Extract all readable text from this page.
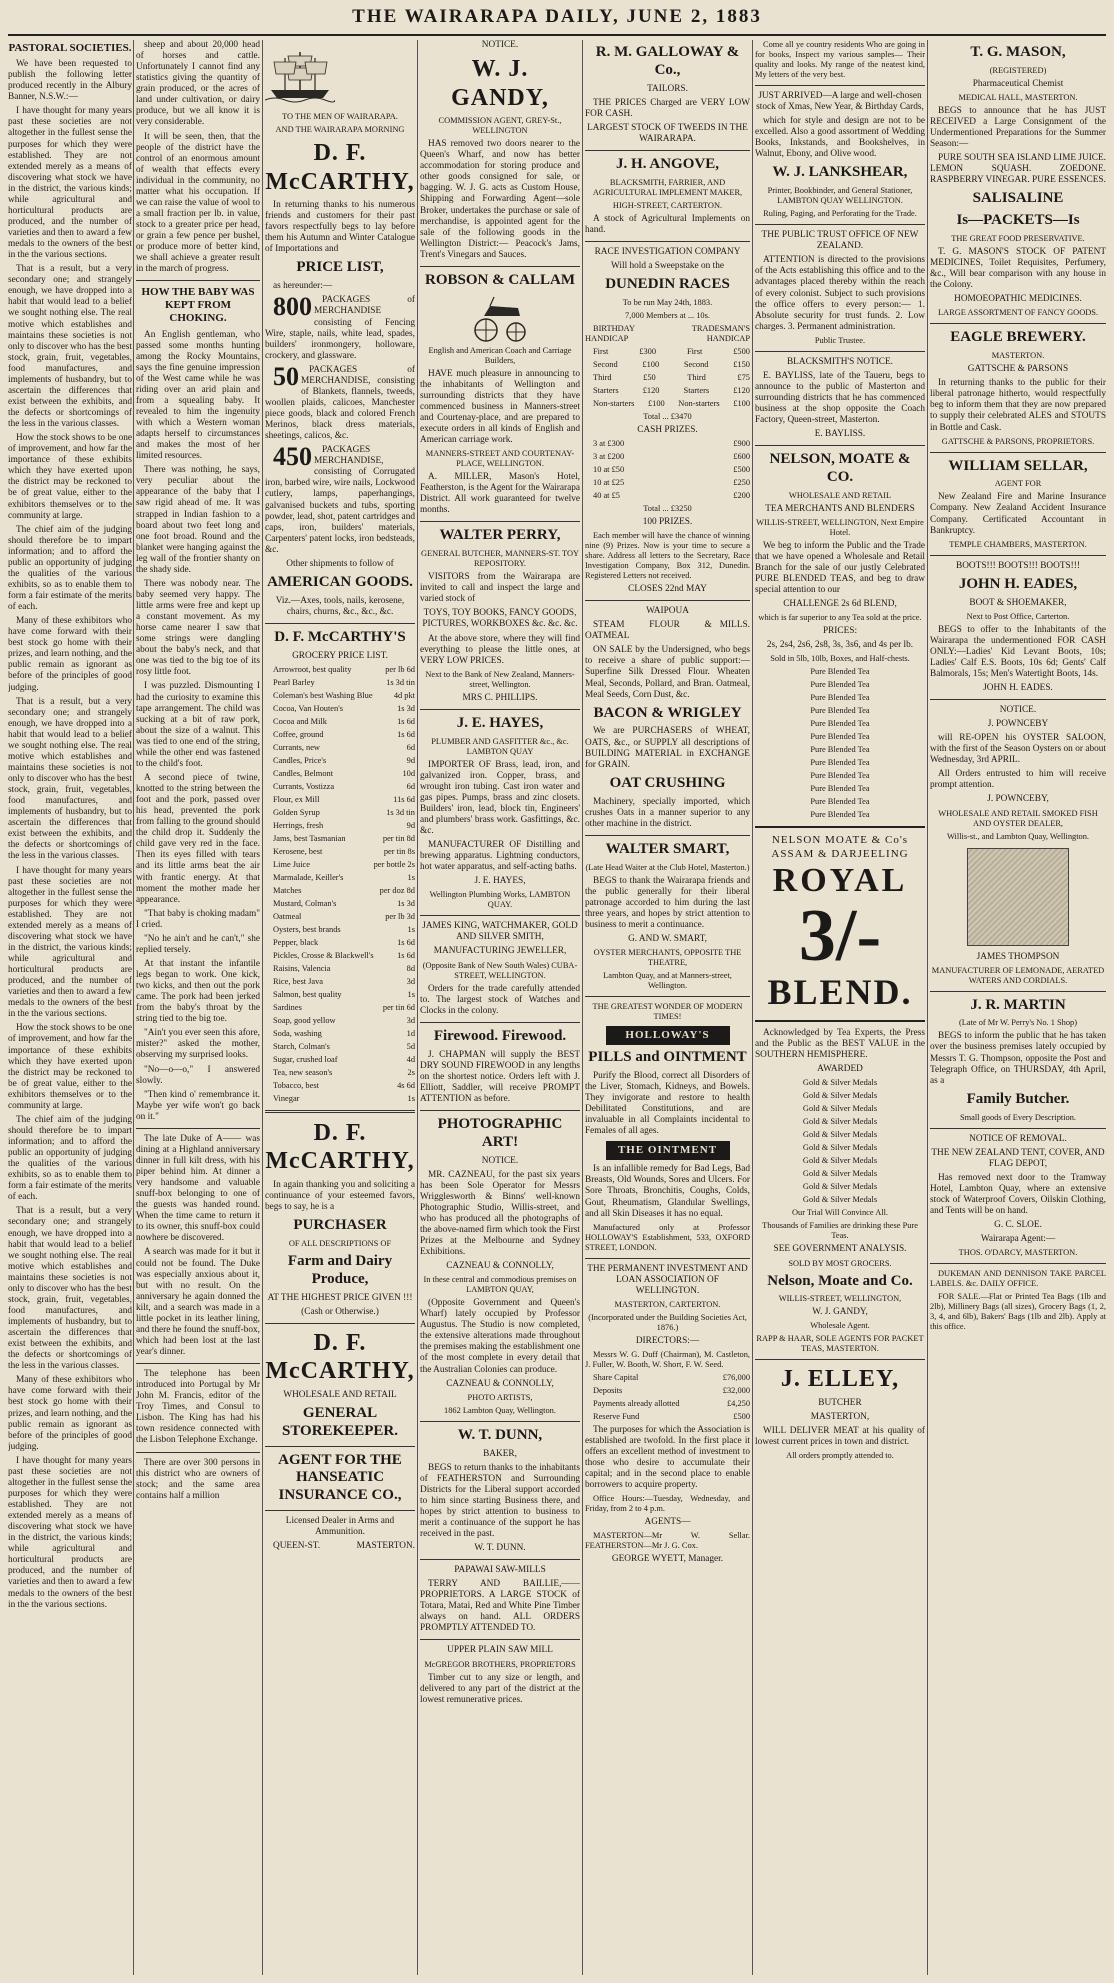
THE WAIRARAPA DAILY, JUNE 2, 1883

PASTORAL SOCIETIES.

We have been requested to publish the following letter produced recently in the Albury Banner, N.S.W.:—

I have thought for many years past these societies are not altogether in the fullest sense the purposes for which they were established. They are not extended merely as a means of discovering what stock we have in the district, the various kinds; while agricultural and horticultural products are produced, and the number of varieties and then to award a few medals to the owners of the best in the the various sections.

That is a result, but a very secondary one; and strangely enough, we have dropped into a habit that would lead to a belief we sought nothing else. The real motive which establishes and maintains these societies is not only to discover who has the best stock, grain, fruit, vegetables, food manufactures, and implements of husbandry, but to ascertain the differences that exist between the exhibits, and the defects or shortcomings of the less in the various classes.

How the stock shows to be one of improvement, and how far the importance of these exhibits which they have exerted upon the district may be reckoned to be of great value, either to the exhibitors themselves or to the community at large.

The chief aim of the judging should therefore be to impart information; and to afford the public an opportunity of judging the qualities of the various exhibits, so as to enable them to form a fair estimate of the merits of each.

Many of these exhibitors who have come forward with their best stock go home with their prizes, and learn nothing, and the public remain as ignorant as before of the principles of good judging.

That is a result, but a very secondary one; and strangely enough, we have dropped into a habit that would lead to a belief we sought nothing else. The real motive which establishes and maintains these societies is not only to discover who has the best stock, grain, fruit, vegetables, food manufactures, and implements of husbandry, but to ascertain the differences that exist between the exhibits, and the defects or shortcomings of the less in the various classes.

I have thought for many years past these societies are not altogether in the fullest sense the purposes for which they were established. They are not extended merely as a means of discovering what stock we have in the district, the various kinds; while agricultural and horticultural products are produced, and the number of varieties and then to award a few medals to the owners of the best in the the various sections.

How the stock shows to be one of improvement, and how far the importance of these exhibits which they have exerted upon the district may be reckoned to be of great value, either to the exhibitors themselves or to the community at large.

The chief aim of the judging should therefore be to impart information; and to afford the public an opportunity of judging the qualities of the various exhibits, so as to enable them to form a fair estimate of the merits of each.

That is a result, but a very secondary one; and strangely enough, we have dropped into a habit that would lead to a belief we sought nothing else. The real motive which establishes and maintains these societies is not only to discover who has the best stock, grain, fruit, vegetables, food manufactures, and implements of husbandry, but to ascertain the differences that exist between the exhibits, and the defects or shortcomings of the less in the various classes.

Many of these exhibitors who have come forward with their best stock go home with their prizes, and learn nothing, and the public remain as ignorant as before of the principles of good judging.

I have thought for many years past these societies are not altogether in the fullest sense the purposes for which they were established. They are not extended merely as a means of discovering what stock we have in the district, the various kinds; while agricultural and horticultural products are produced, and the number of varieties and then to award a few medals to the owners of the best in the the various sections.

sheep and about 20,000 head of horses and cattle. Unfortunately I cannot find any statistics giving the quantity of grain produced, or the acres of land under cultivation, or dairy produce, but we all know it is very considerable.

It will be seen, then, that the people of the district have the control of an enormous amount of wealth that effects every individual in the community, no matter what his occupation. If we can raise the value of wool to a small fraction per lb. in value, stock to a greater price per head, or grain a few pence per bushel, or produce more of better kind, we shall achieve a greater result in the march of progress.

HOW THE BABY WAS KEPT FROM CHOKING.

An English gentleman, who passed some months hunting among the Rocky Mountains, says the fine genuine impression of the West came while he was riding over an arid plain and from a squealing baby. It revealed to him the ingenuity with which a Western woman adapts herself to circumstances and makes the most of her limited resources.

There was nothing, he says, very peculiar about the appearance of the baby that I saw rigid ahead of me. It was strapped in Indian fashion to a board about two feet long and one foot broad. Round and the blanket were hanging against the leg wall of the frontier shanty on the shady side.

There was nobody near. The baby seemed very happy. The little arms were free and kept up a constant movement. As my horse came nearer I saw that some strings were dangling about the baby's neck, and that one was tied to the big toe of its rosy little foot.

I was puzzled. Dismounting I had the curiosity to examine this tape arrangement. The child was sucking at a bit of raw pork, about the size of a walnut. This was tied to one end of the string, while the other end was fastened to the child's foot.

A second piece of twine, knotted to the string between the foot and the pork, passed over his head, prevented the pork from falling to the ground should the child drop it. Suddenly the child gave very red in the face. Then its eyes filled with tears and its little arms beat the air with frantic energy. At that moment the mother made her appearance.

"That baby is choking madam" I cried.

"No he ain't and he can't," she replied tersely.

At that instant the infantile legs began to work. One kick, two kicks, and then out the pork came. The pork had been jerked from the baby's throat by the string tied to the big toe.

"Ain't you ever seen this afore, mister?" asked the mother, observing my surprised looks.

"No—o—o," I answered slowly.

"Then kind o' remembrance it. Maybe yer wife won't go back on it."

The late Duke of A—— was dining at a Highland anniversary dinner in full kilt dress, with his piper behind him. At dinner a very handsome and valuable snuff-box belonging to one of the guests was handed round. When the time came to return it to its owner, this snuff-box could nowhere be discovered.

A search was made for it but it could not be found. The Duke was especially anxious about it, but with no result. On the anniversary he again donned the kilt, and a search was made in a little pocket in its leather lining, and there he found the snuff-box, which had been lost at the last year's dinner.

The telephone has been introduced into Portugal by Mr John M. Francis, editor of the Troy Times, and Consul to Lisbon. The King has had his town residence connected with the Lisbon Telephone Exchange.

There are over 300 persons in this district who are owners of stock; and the same area contains half a million

TO THE MEN OF WAIRARAPA.

AND THE WAIRARAPA MORNING

D. F. McCARTHY,

In returning thanks to his numerous friends and customers for their past favors respectfully begs to lay before them his Autumn and Winter Catalogue of Importations and

PRICE LIST,

as hereunder:—

800 PACKAGES of MERCHANDISE consisting of Fencing Wire, staple, nails, white lead, spades, builders' ironmongery, holloware, crockery, and glassware.

50 PACKAGES of MERCHANDISE, consisting of Blankets, flannels, tweeds, woollen plaids, calicoes, Manchester piece goods, black and colored French Merinos, black dress materials, sheetings, calicos, &c.

450 PACKAGES MERCHANDISE, consisting of Corrugated iron, barbed wire, wire nails, Lockwood cutlery, lamps, paperhangings, galvanised buckets and tubs, sporting powder, lead, shot, patent cartridges and caps, iron, builders' materials, Carpenters' patent locks, iron bedsteads, &c.

Other shipments to follow of

AMERICAN GOODS.

Viz.—Axes, tools, nails, kerosene, chairs, churns, &c., &c., &c.

D. F. McCARTHY'S

GROCERY PRICE LIST.

Arrowroot, best quality	per lb 6d

Pearl Barley	1s 3d tin

Coleman's best Washing Blue	4d pkt

Cocoa, Van Houten's	1s 3d

Cocoa and Milk	1s 6d

Coffee, ground	1s 6d

Currants, new	6d

Candles, Price's	9d

Candles, Belmont	10d

Currants, Vostizza	6d

Flour, ex Mill	11s 6d

Golden Syrup	1s 3d tin

Herrings, fresh	9d

Jams, best Tasmanian	per tin 8d

Kerosene, best	per tin 8s

Lime Juice	per bottle 2s

Marmalade, Keiller's	1s

Matches	per doz 8d

Mustard, Colman's	1s 3d

Oatmeal	per lb 3d

Oysters, best brands	1s

Pepper, black	1s 6d

Pickles, Crosse & Blackwell's	1s 6d

Raisins, Valencia	8d

Rice, best Java	3d

Salmon, best quality	1s

Sardines	per tin 6d

Soap, good yellow	3d

Soda, washing	1d

Starch, Colman's	5d

Sugar, crushed loaf	4d

Tea, new season's	2s

Tobacco, best	4s 6d

Vinegar	1s

D. F. McCARTHY,

In again thanking you and soliciting a continuance of your esteemed favors, begs to say, he is a

PURCHASER

OF ALL DESCRIPTIONS OF

Farm and Dairy Produce,

AT THE HIGHEST PRICE GIVEN !!!

(Cash or Otherwise.)

D. F. McCARTHY,

WHOLESALE AND RETAIL

GENERAL STOREKEEPER.

AGENT FOR THE HANSEATIC INSURANCE CO.,

Licensed Dealer in Arms and Ammunition.

QUEEN-ST.	MASTERTON.

NOTICE.

W. J. GANDY,

COMMISSION AGENT, GREY-St., WELLINGTON

HAS removed two doors nearer to the Queen's Wharf, and now has better accommodation for storing produce and other goods consigned for sale, or bagging. W. J. G. acts as Custom House, Shipping and Forwarding Agent—sole Broker, undertakes the purchase or sale of merchandise, is appointed agent for the sale of the following goods in the Wellington District:— Peacock's Jams, Trent's Vinegars and Sauces.

ROBSON & CALLAM

English and American Coach and Carriage Builders,

HAVE much pleasure in announcing to the inhabitants of Wellington and surrounding districts that they have commenced business in Manners-street and Courtenay-place, and are prepared to execute orders in all kinds of English and American carriage work.

MANNERS-STREET AND COURTENAY-PLACE, WELLINGTON.

A. MILLER, Mason's Hotel, Featherston, is the Agent for the Wairarapa District. All work guaranteed for twelve months.

WALTER PERRY,

GENERAL BUTCHER, MANNERS-ST. TOY REPOSITORY.

VISITORS from the Wairarapa are invited to call and inspect the large and varied stock of

TOYS, TOY BOOKS, FANCY GOODS, PICTURES, WORKBOXES &c. &c. &c.

At the above store, where they will find everything to please the little ones, at VERY LOW PRICES.

Next to the Bank of New Zealand, Manners-street, Wellington.

MRS C. PHILLIPS.

J. E. HAYES,

PLUMBER AND GASFITTER &c., &c. LAMBTON QUAY

IMPORTER OF Brass, lead, iron, and galvanized iron. Copper, brass, and wrought iron tubing. Cast iron water and gas pipes. Pumps, brass and zinc closets. Builders' iron, lead, block tin, Engineers' and plumbers' brass work. Gasfittings, &c. &c.

MANUFACTURER OF Distilling and brewing apparatus. Lightning conductors, hot water apparatus, and self-acting baths.

J. E. HAYES,

Wellington Plumbing Works, LAMBTON QUAY.

JAMES KING, WATCHMAKER, GOLD AND SILVER SMITH,

MANUFACTURING JEWELLER,

(Opposite Bank of New South Wales) CUBA-STREET, WELLINGTON.

Orders for the trade carefully attended to. The largest stock of Watches and Clocks in the colony.

Firewood. Firewood.

J. CHAPMAN will supply the BEST DRY SOUND FIREWOOD in any lengths on the shortest notice. Orders left with J. Elliott, Saddler, will receive PROMPT ATTENTION as before.

PHOTOGRAPHIC ART!

NOTICE.

MR. CAZNEAU, for the past six years has been Sole Operator for Messrs Wrigglesworth & Binns' well-known Photographic Studio, Willis-street, and who has produced all the photographs of the above-named firm which took the First Prizes at the Melbourne and Sydney Exhibitions.

CAZNEAU & CONNOLLY,

In these central and commodious premises on LAMBTON QUAY,

(Opposite Government and Queen's Wharf) lately occupied by Professor Augustus. The Studio is now completed, the extensive alterations made throughout the premises making the establishment one of the most complete in every detail that the Australian Colonies can produce.

CAZNEAU & CONNOLLY,

PHOTO ARTISTS,

1862 Lambton Quay, Wellington.

W. T. DUNN,

BAKER,

BEGS to return thanks to the inhabitants of FEATHERSTON and Surrounding Districts for the Liberal support accorded to him since starting Business there, and hopes by strict attention to business to merit a continuance of the support he has received in the past.

W. T. DUNN.

PAPAWAI SAW-MILLS

TERRY AND BAILLIE,——PROPRIETORS. A LARGE STOCK of Totara, Matai, Red and White Pine Timber always on hand. ALL ORDERS PROMPTLY ATTENDED TO.

UPPER PLAIN SAW MILL

McGREGOR BROTHERS, PROPRIETORS

Timber cut to any size or length, and delivered to any part of the district at the lowest remunerative prices.

R. M. GALLOWAY & Co.,

TAILORS.

THE PRICES Charged are VERY LOW FOR CASH.

LARGEST STOCK OF TWEEDS IN THE WAIRARAPA.

J. H. ANGOVE,

BLACKSMITH, FARRIER, AND AGRICULTURAL IMPLEMENT MAKER,

HIGH-STREET, CARTERTON.

A stock of Agricultural Implements on hand.

RACE INVESTIGATION COMPANY

Will hold a Sweepstake on the

DUNEDIN RACES

To be run May 24th, 1883.

7,000 Members at ... 10s.

BIRTHDAY HANDICAP
TRADESMAN'S HANDICAP

First	£300	First	£500

Second	£100	Second	£150

Third	£50	Third	£75

Starters	£120	Starters	£120

Non-starters	£100	Non-starters	£100

Total ... £3470

CASH PRIZES.

3 at £300	£900

3 at £200	£600

10 at £50	£500

10 at £25	£250

40 at £5	£200

Total ... £3250

100 PRIZES.

Each member will have the chance of winning nine (9) Prizes. Now is your time to secure a share. Address all letters to the Secretary, Race Investigation Company, Box 312, Dunedin. Registered Letters not received.

CLOSES 22nd MAY

WAIPOUA

STEAM FLOUR & OATMEAL
MILLS.

ON SALE by the Undersigned, who begs to receive a share of public support:— Superfine Silk Dressed Flour. Wheaten Meal, Seconds, Pollard, and Bran. Oatmeal, Meal Seeds, Corn Dust, &c.

BACON & WRIGLEY

We are PURCHASERS of WHEAT, OATS, &c., or SUPPLY all descriptions of BUILDING MATERIAL in EXCHANGE for GRAIN.

OAT CRUSHING

Machinery, specially imported, which crushes Oats in a manner superior to any other machine in the district.

WALTER SMART,

(Late Head Waiter at the Club Hotel, Masterton.)

BEGS to thank the Wairarapa friends and the public generally for their liberal patronage accorded to him during the last three years, and hopes by strict attention to business to merit a continuance.

G. AND W. SMART,

OYSTER MERCHANTS, OPPOSITE THE THEATRE,

Lambton Quay, and at Manners-street, Wellington.

THE GREATEST WONDER OF MODERN TIMES!

HOLLOWAY'S

PILLS and OINTMENT

Purify the Blood, correct all Disorders of the Liver, Stomach, Kidneys, and Bowels. They invigorate and restore to health Debilitated Constitutions, and are invaluable in all Complaints incidental to Females of all ages.

THE OINTMENT

Is an infallible remedy for Bad Legs, Bad Breasts, Old Wounds, Sores and Ulcers. For Sore Throats, Bronchitis, Coughs, Colds, Gout, Rheumatism, Glandular Swellings, and all Skin Diseases it has no equal.

Manufactured only at Professor HOLLOWAY'S Establishment, 533, OXFORD STREET, LONDON.

THE PERMANENT INVESTMENT AND LOAN ASSOCIATION OF WELLINGTON.

MASTERTON, CARTERTON.

(Incorporated under the Building Societies Act, 1876.)

DIRECTORS:—

Messrs W. G. Duff (Chairman), M. Castleton, J. Fuller, W. Booth, W. Short, F. W. Seed.

Share Capital	£76,000

Deposits	£32,000

Payments already allotted	£4,250

Reserve Fund	£500

The purposes for which the Association is established are twofold. In the first place it offers an excellent method of investment to those who desire to accumulate their capital; and in the second place to enable borrowers to acquire property.

Office Hours:—Tuesday, Wednesday, and Friday, from 2 to 4 p.m.

AGENTS—

MASTERTON—Mr W. Sellar. FEATHERSTON—Mr J. G. Cox.

GEORGE WYETT, Manager.

Come all ye country residents Who are going in for books, Inspect my various samples— Their quality and looks. My range of the neatest kind, My letters of the very best.

JUST ARRIVED—A large and well-chosen stock of Xmas, New Year, & Birthday Cards,

which for style and design are not to be excelled. Also a good assortment of Wedding Books, Inkstands, and Bookshelves, in Walnut, Ebony, and Olive wood.

W. J. LANKSHEAR,

Printer, Bookbinder, and General Stationer, LAMBTON QUAY WELLINGTON.

Ruling, Paging, and Perforating for the Trade.

THE PUBLIC TRUST OFFICE OF NEW ZEALAND.

ATTENTION is directed to the provisions of the Acts establishing this office and to the advantages placed thereby within the reach of every colonist. Subject to such provisions the office offers to every person:— 1. Absolute security for trust funds. 2. Low charges. 3. Permanent administration.

Public Trustee.

BLACKSMITH'S NOTICE.

E. BAYLISS, late of the Taueru, begs to announce to the public of Masterton and surrounding districts that he has commenced business at the shop opposite the Coach Factory, Queen-street, Masterton.

E. BAYLISS.

NELSON, MOATE & CO.

WHOLESALE AND RETAIL

TEA MERCHANTS AND BLENDERS

WILLIS-STREET, WELLINGTON, Next Empire Hotel.

We beg to inform the Public and the Trade that we have opened a Wholesale and Retail Branch for the sale of our justly Celebrated PURE BLENDED TEAS, and beg to draw special attention to our

CHALLENGE 2s 6d BLEND,

which is far superior to any Tea sold at the price.

PRICES:

2s, 2s4, 2s6, 2s8, 3s, 3s6, and 4s per lb.

Sold in 5lb, 10lb, Boxes, and Half-chests.

Pure Blended Tea

Pure Blended Tea

Pure Blended Tea

Pure Blended Tea

Pure Blended Tea

Pure Blended Tea

Pure Blended Tea

Pure Blended Tea

Pure Blended Tea

Pure Blended Tea

Pure Blended Tea

Pure Blended Tea

NELSON MOATE & Co's
ASSAM & DARJEELING
ROYAL
3/-
BLEND.

Acknowledged by Tea Experts, the Press and the Public as the BEST VALUE in the SOUTHERN HEMISPHERE.

AWARDED

Gold & Silver Medals

Gold & Silver Medals

Gold & Silver Medals

Gold & Silver Medals

Gold & Silver Medals

Gold & Silver Medals

Gold & Silver Medals

Gold & Silver Medals

Gold & Silver Medals

Gold & Silver Medals

Our Trial Will Convince All.

Thousands of Families are drinking these Pure Teas.

SEE GOVERNMENT ANALYSIS.

SOLD BY MOST GROCERS.

Nelson, Moate and Co.

WILLIS-STREET, WELLINGTON,

W. J. GANDY,

Wholesale Agent.

RAPP & HAAR, SOLE AGENTS FOR PACKET TEAS, MASTERTON.

J. ELLEY,

BUTCHER

MASTERTON,

WILL DELIVER MEAT at his quality of lowest current prices in town and district.

All orders promptly attended to.

T. G. MASON,

(REGISTERED)

Pharmaceutical Chemist

MEDICAL HALL, MASTERTON.

BEGS to announce that he has JUST RECEIVED a Large Consignment of the Undermentioned Preparations for the Summer Season:—

PURE SOUTH SEA ISLAND LIME JUICE. LEMON SQUASH. ZOEDONE. RASPBERRY VINEGAR. PURE ESSENCES.

SALISALINE

Is—PACKETS—Is

THE GREAT FOOD PRESERVATIVE.

T. G. MASON'S STOCK OF PATENT MEDICINES, Toilet Requisites, Perfumery, &c., Will bear comparison with any house in the Colony.

HOMOEOPATHIC MEDICINES.

LARGE ASSORTMENT OF FANCY GOODS.

EAGLE BREWERY.

MASTERTON.

GATTSCHE & PARSONS

In returning thanks to the public for their liberal patronage hitherto, would respectfully beg to inform them that they are now prepared to supply their celebrated ALES and STOUTS in Bottle and Cask.

GATTSCHE & PARSONS, PROPRIETORS.

WILLIAM SELLAR,

AGENT FOR

New Zealand Fire and Marine Insurance Company. New Zealand Accident Insurance Company. Certificated Accountant in Bankruptcy.

TEMPLE CHAMBERS, MASTERTON.

BOOTS!!! BOOTS!!! BOOTS!!!

JOHN H. EADES,

BOOT & SHOEMAKER,

Next to Post Office, Carterton.

BEGS to offer to the Inhabitants of the Wairarapa the undermentioned FOR CASH ONLY:—Ladies' Kid Levant Boots, 10s; Ladies' Calf E.S. Boots, 10s 6d; Gents' Calf Balmorals, 15s; Men's Watertight Boots, 14s.

JOHN H. EADES.

NOTICE.

J. POWNCEBY

will RE-OPEN his OYSTER SALOON, with the first of the Season Oysters on or about Wednesday, 3rd APRIL.

All Orders entrusted to him will receive prompt attention.

J. POWNCEBY,

WHOLESALE AND RETAIL SMOKED FISH AND OYSTER DEALER,

Willis-st., and Lambton Quay, Wellington.

JAMES THOMPSON

MANUFACTURER OF LEMONADE, AERATED WATERS AND CORDIALS.

J. R. MARTIN

(Late of Mr W. Perry's No. 1 Shop)

BEGS to inform the public that he has taken over the business premises lately occupied by Messrs T. G. Thompson, opposite the Post and Telegraph Office, on THURSDAY, 4th April, as a

Family Butcher.

Small goods of Every Description.

NOTICE OF REMOVAL.

THE NEW ZEALAND TENT, COVER, AND FLAG DEPOT,

Has removed next door to the Tramway Hotel, Lambton Quay, where an extensive stock of Waterproof Covers, Oilskin Clothing, and Tents will be on hand.

G. C. SLOE.

Wairarapa Agent:—

THOS. O'DARCY, MASTERTON.

DUKEMAN AND DENNISON TAKE PARCEL LABELS. &c. DAILY OFFICE.

FOR SALE.—Flat or Printed Tea Bags (1lb and 2lb), Millinery Bags (all sizes), Grocery Bags (1, 2, 3, 4, and 6lb), Bakers' Bags (1lb and 2lb). Apply at this office.
